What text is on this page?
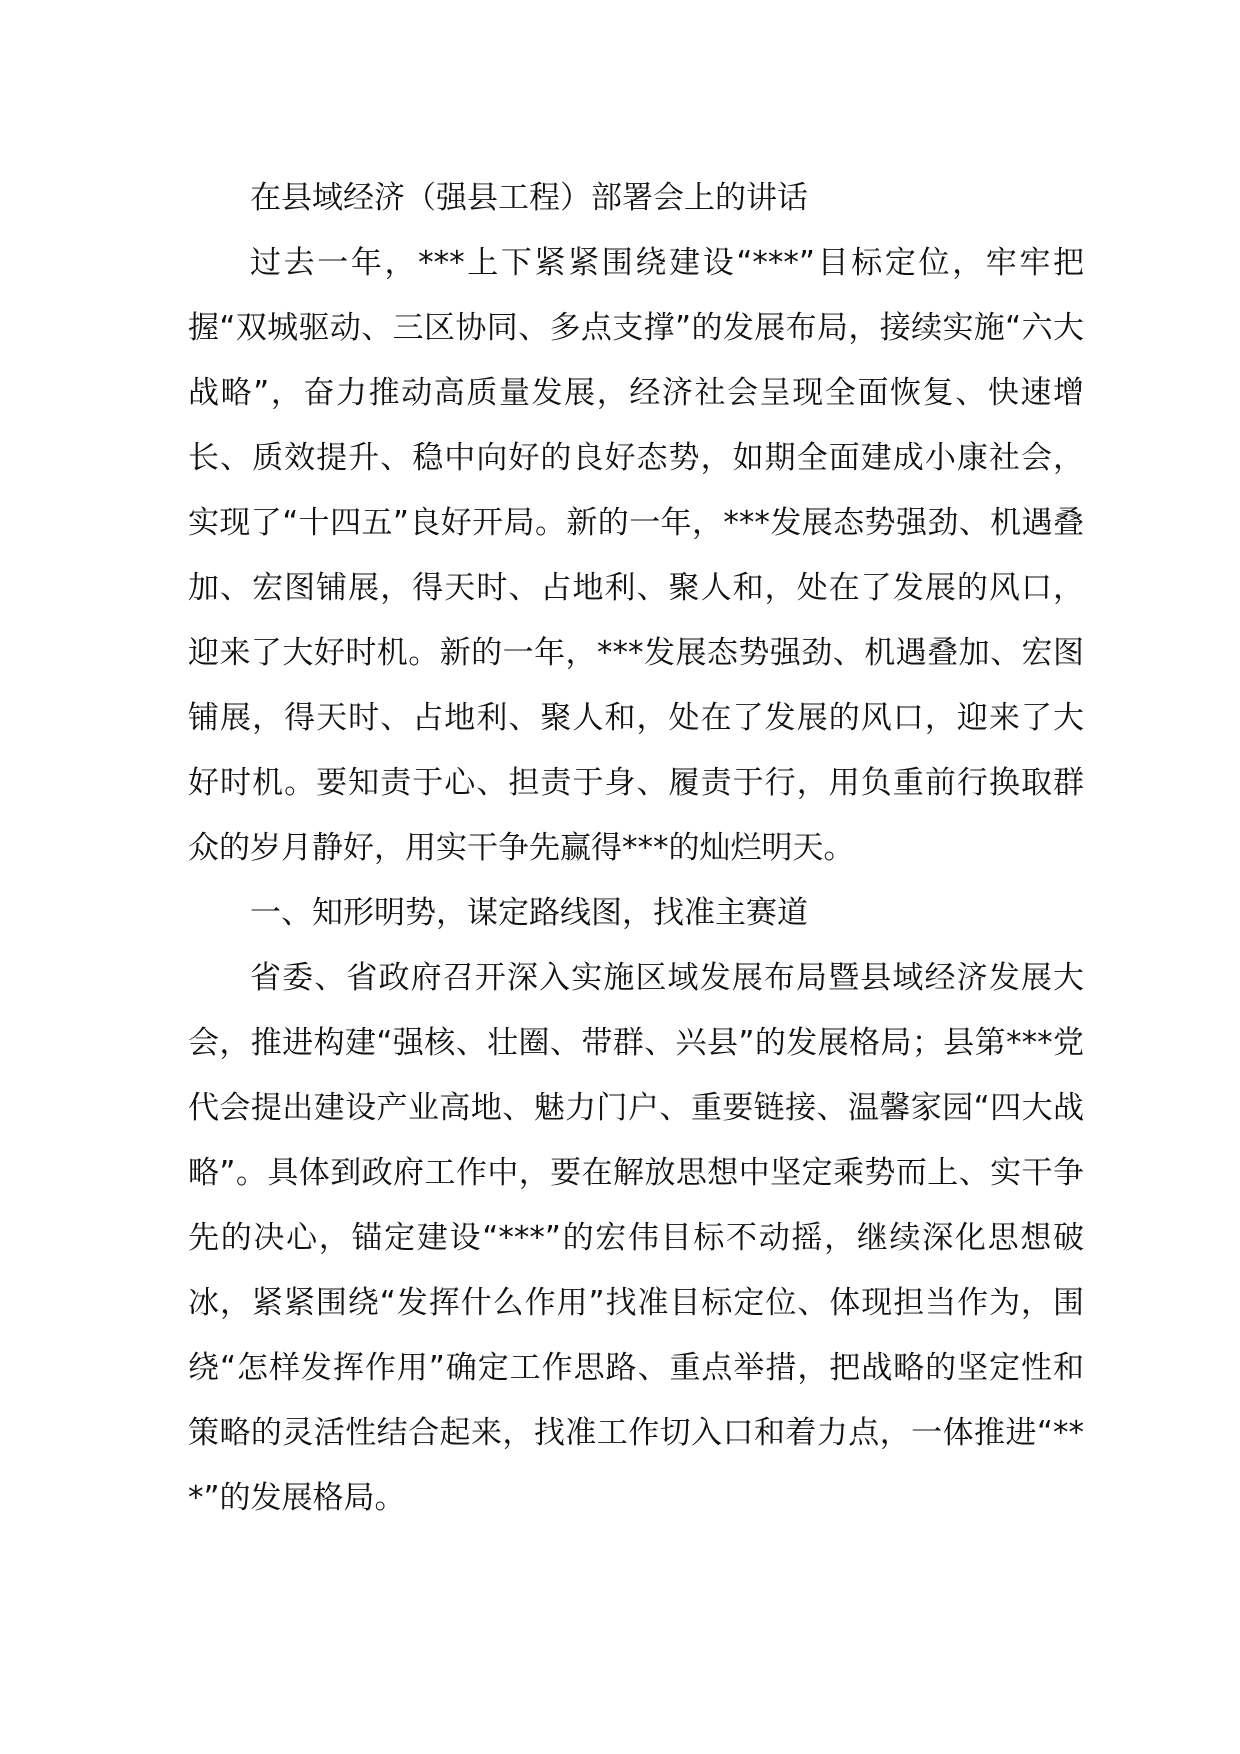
在县域经济（强县工程）部署会上的讲话

过去一年，***上下紧紧围绕建设“***”目标定位，牢牢把握“双城驱动、三区协同、多点支撑”的发展布局，接续实施“六大战略”，奋力推动高质量发展，经济社会呈现全面恢复、快速增长、质效提升、稳中向好的良好态势，如期全面建成小康社会，实现了“十四五”良好开局。新的一年，***发展态势强劲、机遇叠加、宏图铺展，得天时、占地利、聚人和，处在了发展的风口，迎来了大好时机。新的一年，***发展态势强劲、机遇叠加、宏图铺展，得天时、占地利、聚人和，处在了发展的风口，迎来了大好时机。要知责于心、担责于身、履责于行，用负重前行换取群众的岁月静好，用实干争先赢得***的灿烂明天。

一、知形明势，谋定路线图，找准主赛道

省委、省政府召开深入实施区域发展布局暨县域经济发展大会，推进构建“强核、壮圈、带群、兴县”的发展格局；县第***党代会提出建设产业高地、魅力门户、重要链接、温馨家园“四大战略”。具体到政府工作中，要在解放思想中坚定乘势而上、实干争先的决心，锚定建设“***”的宏伟目标不动摇，继续深化思想破冰，紧紧围绕“发挥什么作用”找准目标定位、体现担当作为，围绕“怎样发挥作用”确定工作思路、重点举措，把战略的坚定性和策略的灵活性结合起来，找准工作切入口和着力点，一体推进“***”的发展格局。
